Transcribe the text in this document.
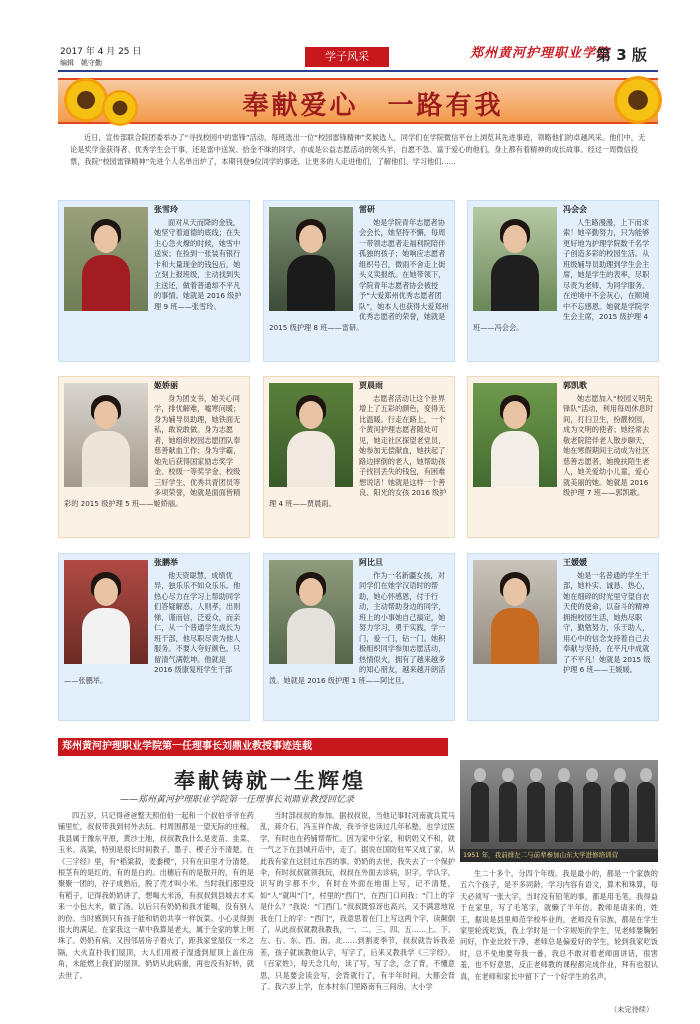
2017 年 4 月 25 日
编辑　姚守勤	学子风采	郑州黄河护理职业学院
第 3 版
奉献爱心　一路有我
近日，宣传部联合院团委举办了“寻找校园中的雷锋”活动，每班选出一位“校园雷锋精神”奖候选人，同学们在学院微信平台上浏览其先进事迹，领略他们的卓越风采。他们中，无论是奖学金获得者、优秀学生会干事，还是雷中送炭、拾金不昧的同学，亦或是公益志愿活动的领头羊，自愿不急、富于爱心的他们，身上都有着精神的成长故事。经过一周微信投票，我院“校园雷锋精神”先进个人名单出炉了，本期刊登9位同学的事迹，让更多的人走进他们，了解他们、学习他们……
张雪玲
面对从天而降的金钱，她坚守着道德的底线；在失主心急火燎的时候，她雪中送炭；在捡到一张装有银行卡和大量现金的钱包后，她立刻上报班级，主动找到失主送还，做着普通却不平凡的事情。她就是 2016 级护理 9 班——张雪玲。
雷研
她是学院青年志愿者协会会长，她坚持不懈，每周一带领志愿者走福利院陪伴孤独的孩子；她响应志愿者组织号召，微雨不舍走上街头义卖报纸。在她带领下，学院青年志愿者协会被授予“大爱郑州优秀志愿者团队”，她本人也获得大爱郑州优秀志愿者的荣誉，她就是 2015 级护理 8 班——雷研。
冯会会
人生路漫漫，上下而求索！她辛勤努力，只为能够更好地为护理学院数千名学子创造多彩的校园生活。从班级辅导员助理到学生会主席，她是学生的表率，尽职尽责为老师、为同学服务。在逆境中不会灰心，在顺境中不忘感恩。她就是学院学生会主席，2015 级护理 4 班——冯会会。
姬娇丽
身为团支书，她关心同学，排忧解难，嘘寒问暖；身为辅导员助理，她铁面无私，敢说敢做。身为志愿者，她组织校园志愿团队奉慈善献血工作；身为学霸，她先后获得国家励志奖学金、校级一等奖学金、校级三好学生、优秀共青团员等多项荣誉，她就是面面皆精彩的 2015 级护理 5 班——姬娇丽。
贾晨雨
志愿者活动让这个世界增上了五彩的颜色，变得无比温暖。行走在路上，一个个黄河护理志愿者随处可见，她走社区探望老党员，她参加无偿献血，她扶起了路边摔倒的老人，她帮助孩子找回丢失的钱包，有困难想说话！她就是这样一个善良、阳光的女孩 2016 级护理 4 班——贾晨雨。
郭凯歌
她志愿加入“校园义明先锋队”活动，利用每周休息时间，打扫卫生，扮靓校园，成为文明的使者；她经常去敬老院陪伴老人散步聊天，她在寒假期间主动成为社区慈善志愿者，她挽扶陌生老人，她关爱幼小儿童，爱心就美丽的她。她就是 2016 级护理 7 班——郭凯歌。
张鹏举
他天资聪慧，成绩优异，独乐乐不如众乐乐。他热心尽力在学习上帮助同学们答疑解惑、人则孝，出则悌，谨而信，泛爱众，而亲仁，从一个普通学生成长为班干部，他尽职尽责为他人服务。不要人夸好颜色，只留清气满乾坤。他就是 2016 级康复班学生干部——张鹏举。
阿比旦
作为一名新疆女孩，对同学们在她学汉语时的帮助，她心怀感恩，付于行动，主动帮助身边的同学，班上的小事她自己搞定，她努力学习，勇于实践，学一门，爱一门，钻一门。她积极组织同学参加志愿活动，热情似火，拥有了越来越多的知心朋友，越来越开朗活泼。她就是 2016 级护理 1 班——阿比旦。
王媛媛
她是一名普通的学生干部，她朴实、诚恳、热心，她在细碎的时光里守望自衣天使的使命，以奋斗的精神拥抱校园生活，她热尽职守，勤勉努力，乐于助人，用心中的信念支持着自己去奉献与坚持，在平凡中成就了不平凡！她就是 2015 级护理 6 班——王媛媛。
郑州黄河护理职业学院第一任理事长刘鼎业教授事迹连载
奉献铸就一生辉煌
——郑州黄河护理职业学院第一任理事长刘鼎业教授回忆录
四五岁，只记得爸爸整天照伯伯一起和一个叔伯爷爷在药铺里忙，叔叔带我到村外去玩。村周围都是一望无际的庄稼，我县属于豫东平原，黄沙土地，叔叔教我什么是麦苗、韭菜、玉米、高粱，特别是很长时间教子、墨子、稷子分不清楚。在《三字经》里，有“稻粱菽，麦黍稷”，只有在田里才分清楚。根茎有的是红的，有的是白的。出穗后有的是散开的，有的是聚聚一团的，谷子成熟后，脱了壳才叫小米。当时我们那里没有稻子，记得我奶奶讲了，想喝大米汤，有叔叔到县城去才买来一小包大米，做了汤。以后只有奶奶和我才能喝，没有别人的份。当时感到只有孩子能和奶奶共享一样饭菜。小心灵得到很大的满足。在家我这一辈中我算是老大，属于全家的掌上明珠了。奶奶有病，又因邻居房子着火了，距我家堂屋仅一米之隔，大火直扑我们屋顶，大人们用被子湿透到屋顶上盖住房角，未能燃上我们的屋顶。奶奶从此病重，再也没有好转，就去世了。
当时部叔叔的参加。据叔叔说，当他记事时河南就兵荒马乱，蒋介石，冯玉祥作战，我爷爷也读过几年私塾，也学过医学，有时也在药铺帮帮忙。因为家中分家，和奶奶又不和，就一气之下在县城开店中，走了，据说在国防驻军又成了家，从此我有家在这回过东西的事。奶奶的去世，我失去了一个保护伞，有时叔叔就领我玩，叔叔在外面去诊病，识字，学认字，识写的字都不少，有时在外面在地面上写，记不清楚，如“人”就叫“门”，村里的“西门”，在西门口问我：“门上的字是什么？”我说：“门西门。”叔叔既惊讶也高兴，又不满意地说我在门上的字：“西门”，我意思着在门上写这两个字，读颠倒了，从此叔叔就教我教我，一、二、三、四、五……上、下、左、右、东、西、南、北……到割麦季节，叔叔就告诉我差差，孩子就该教他认字，写字了，后来又教我学《三字经》、《百家姓》，每天念几句，读了写，写了念，念了背，不懂意思，只是要会读会写，会背就行了，有半年时间，大都会背了。我六岁上学，在本村东门里路南有三间房，大小学
1951 年，我前排左二与前辈参加山东大学进修培训营
生二十多个，分四个年级。我是最小的，都是一个家族的五六个孩子，是不多同龄，学习内容有语文，算术和珠算，每天必须写一张大字，当时没有铅笔的事，都是用毛笔，我得益于在家里，写了毛笔字，就懒了半年仿。教师是请来的，姓王，据说是县里师范学校毕业的，老师没有宗族，都是在学生家里轮流吃饭，我上学时是一个字规矩的学生，见老师要鞠躬问好，作业比较干净，老师总是偏爱好的学生，轮到我家吃饭时，总不免地要夸我一番，我总不敢对着老师面讲话，很害羞，也不好意思，反正老师教的课程都完成作业，拜有也很认真，在老师和家长中留下了一个好学生的名声。
（未完待续）
